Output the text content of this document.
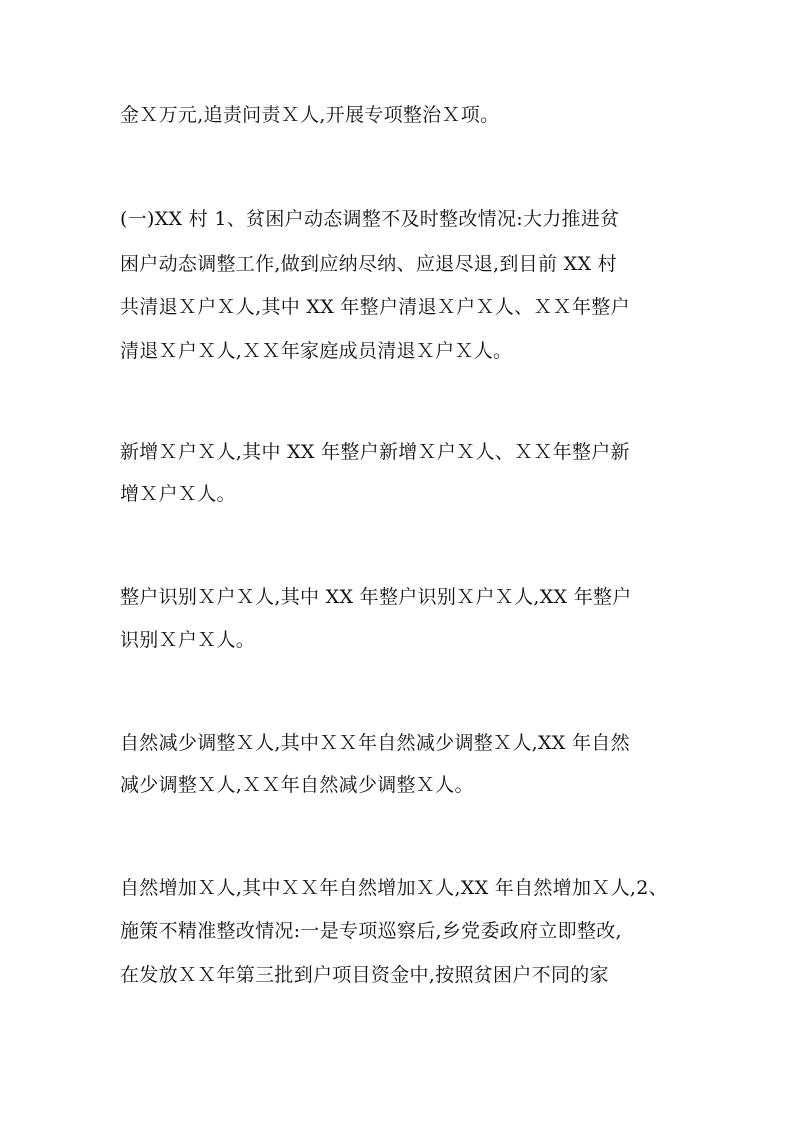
金Ｘ万元,追责问责Ｘ人,开展专项整治Ｘ项。
(一)XX 村 1、贫困户动态调整不及时整改情况:大力推进贫
困户动态调整工作,做到应纳尽纳、应退尽退,到目前 XX 村
共清退Ｘ户Ｘ人,其中 XX 年整户清退Ｘ户Ｘ人、ＸＸ年整户
清退Ｘ户Ｘ人,ＸＸ年家庭成员清退Ｘ户Ｘ人。
新增Ｘ户Ｘ人,其中 XX 年整户新增Ｘ户Ｘ人、ＸＸ年整户新
增Ｘ户Ｘ人。
整户识别Ｘ户Ｘ人,其中 XX 年整户识别Ｘ户Ｘ人,XX 年整户
识别Ｘ户Ｘ人。
自然减少调整Ｘ人,其中ＸＸ年自然减少调整Ｘ人,XX 年自然
减少调整Ｘ人,ＸＸ年自然减少调整Ｘ人。
自然增加Ｘ人,其中ＸＸ年自然增加Ｘ人,XX 年自然增加Ｘ人,2、
施策不精准整改情况:一是专项巡察后,乡党委政府立即整改,
在发放ＸＸ年第三批到户项目资金中,按照贫困户不同的家
